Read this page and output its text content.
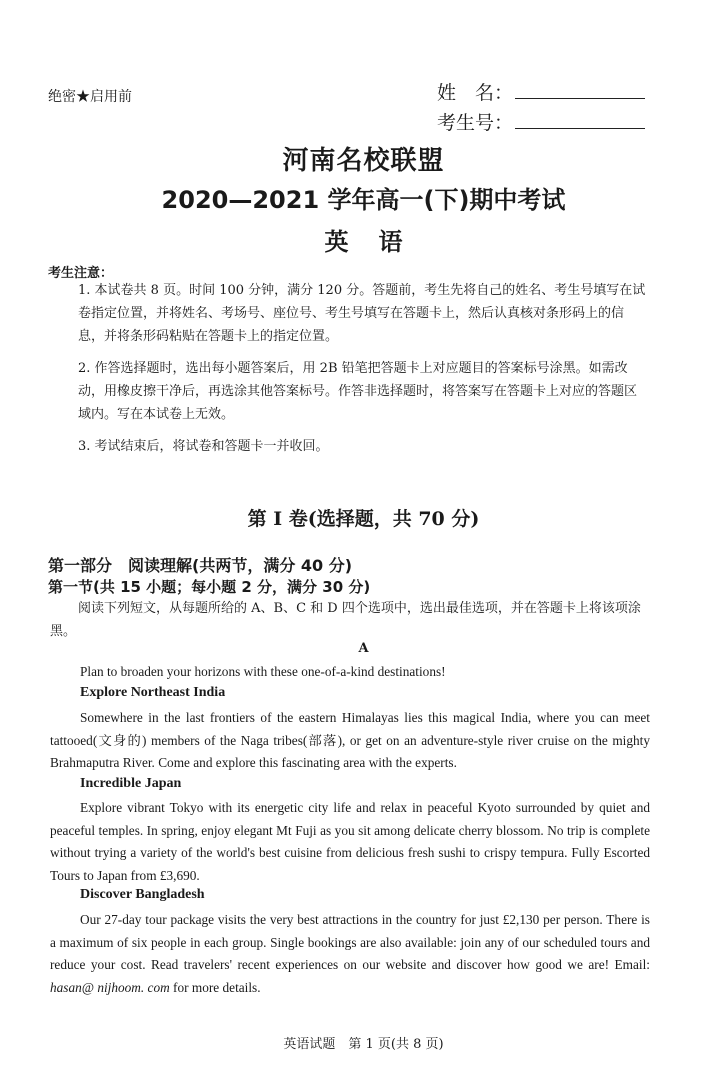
绝密★启用前	姓　名：
考生号：
河南名校联盟
2020—2021 学年高一(下)期中考试
英语
考生注意：
1. 本试卷共 8 页。时间 100 分钟，满分 120 分。答题前，考生先将自己的姓名、考生号填写在试卷指定位置，并将姓名、考场号、座位号、考生号填写在答题卡上，然后认真核对条形码上的信息，并将条形码粘贴在答题卡上的指定位置。
2. 作答选择题时，选出每小题答案后，用 2B 铅笔把答题卡上对应题目的答案标号涂黑。如需改动，用橡皮擦干净后，再选涂其他答案标号。作答非选择题时，将答案写在答题卡上对应的答题区域内。写在本试卷上无效。
3. 考试结束后，将试卷和答题卡一并收回。
第 I 卷(选择题，共 70 分)
第一部分　阅读理解(共两节，满分 40 分)
第一节(共 15 小题；每小题 2 分，满分 30 分)
阅读下列短文，从每题所给的 A、B、C 和 D 四个选项中，选出最佳选项，并在答题卡上将该项涂黑。
A
Plan to broaden your horizons with these one-of-a-kind destinations!
Explore Northeast India
Somewhere in the last frontiers of the eastern Himalayas lies this magical India, where you can meet tattooed(文身的) members of the Naga tribes(部落), or get on an adventure-style river cruise on the mighty Brahmaputra River. Come and explore this fascinating area with the experts.
Incredible Japan
Explore vibrant Tokyo with its energetic city life and relax in peaceful Kyoto surrounded by quiet and peaceful temples. In spring, enjoy elegant Mt Fuji as you sit among delicate cherry blossom. No trip is complete without trying a variety of the world's best cuisine from delicious fresh sushi to crispy tempura. Fully Escorted Tours to Japan from £3,690.
Discover Bangladesh
Our 27-day tour package visits the very best attractions in the country for just £2,130 per person. There is a maximum of six people in each group. Single bookings are also available: join any of our scheduled tours and reduce your cost. Read travelers' recent experiences on our website and discover how good we are! Email: hasan@ nijhoom. com for more details.
英语试题　第 1 页(共 8 页)
